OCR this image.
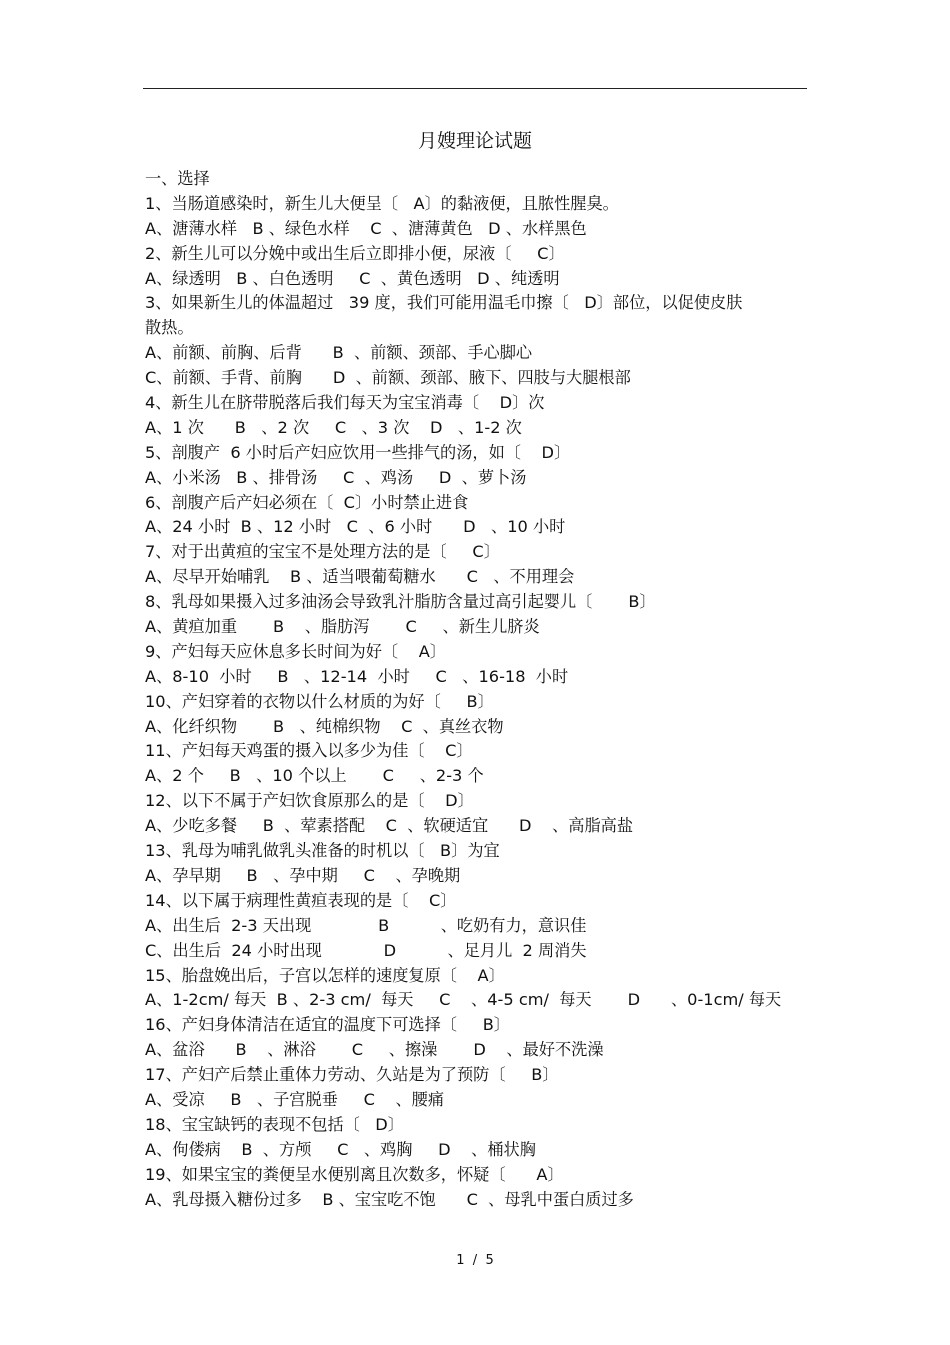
月嫂理论试题
一、选择
1、当肠道感染时，新生儿大便呈〔   A〕的黏液便，且脓性腥臭。
A、溏薄水样   B 、绿色水样    C  、溏薄黄色   D 、水样黑色
2、新生儿可以分娩中或出生后立即排小便，尿液〔     C〕
A、绿透明   B 、白色透明     C  、黄色透明   D 、纯透明
3、如果新生儿的体温超过   39 度，我们可能用温毛巾擦〔   D〕部位，以促使皮肤
散热。
A、前额、前胸、后背      B  、前额、颈部、手心脚心
C、前额、手背、前胸      D  、前额、颈部、腋下、四肢与大腿根部
4、新生儿在脐带脱落后我们每天为宝宝消毒〔    D〕次
A、1 次      B   、2 次     C   、3 次    D   、1-2 次
5、剖腹产  6 小时后产妇应饮用一些排气的汤，如〔    D〕
A、小米汤   B 、排骨汤     C  、鸡汤     D  、萝卜汤
6、剖腹产后产妇必须在〔  C〕小时禁止进食
A、24 小时  B 、12 小时   C  、6 小时      D   、10 小时
7、对于出黄疸的宝宝不是处理方法的是〔     C〕
A、尽早开始哺乳    B 、适当喂葡萄糖水      C   、不用理会
8、乳母如果摄入过多油汤会导致乳汁脂肪含量过高引起婴儿〔       B〕
A、黄疸加重       B    、脂肪泻       C     、新生儿脐炎
9、产妇每天应休息多长时间为好〔    A〕
A、8-10  小时     B   、12-14  小时     C   、16-18  小时
10、产妇穿着的衣物以什么材质的为好〔     B〕
A、化纤织物       B   、纯棉织物    C  、真丝衣物
11、产妇每天鸡蛋的摄入以多少为佳〔    C〕
A、2 个     B   、10 个以上       C     、2-3 个
12、以下不属于产妇饮食原那么的是〔    D〕
A、少吃多餐     B  、荤素搭配    C  、软硬适宜      D    、高脂高盐
13、乳母为哺乳做乳头准备的时机以〔   B〕为宜
A、孕早期     B   、孕中期     C    、孕晚期
14、以下属于病理性黄疸表现的是〔    C〕
A、出生后  2-3 天出现             B          、吃奶有力，意识佳
C、出生后  24 小时出现            D          、足月儿  2 周消失
15、胎盘娩出后，子宫以怎样的速度复原〔    A〕
A、1-2cm/ 每天  B 、2-3 cm/  每天     C    、4-5 cm/  每天       D      、0-1cm/ 每天
16、产妇身体清洁在适宜的温度下可选择〔     B〕
A、盆浴      B    、淋浴       C     、擦澡       D    、最好不洗澡
17、产妇产后禁止重体力劳动、久站是为了预防〔     B〕
A、受凉     B   、子宫脱垂     C    、腰痛
18、宝宝缺钙的表现不包括〔   D〕
A、佝偻病    B  、方颅     C   、鸡胸     D    、桶状胸
19、如果宝宝的粪便呈水便别离且次数多，怀疑〔      A〕
A、乳母摄入糖份过多    B 、宝宝吃不饱      C  、母乳中蛋白质过多
1  /  5
